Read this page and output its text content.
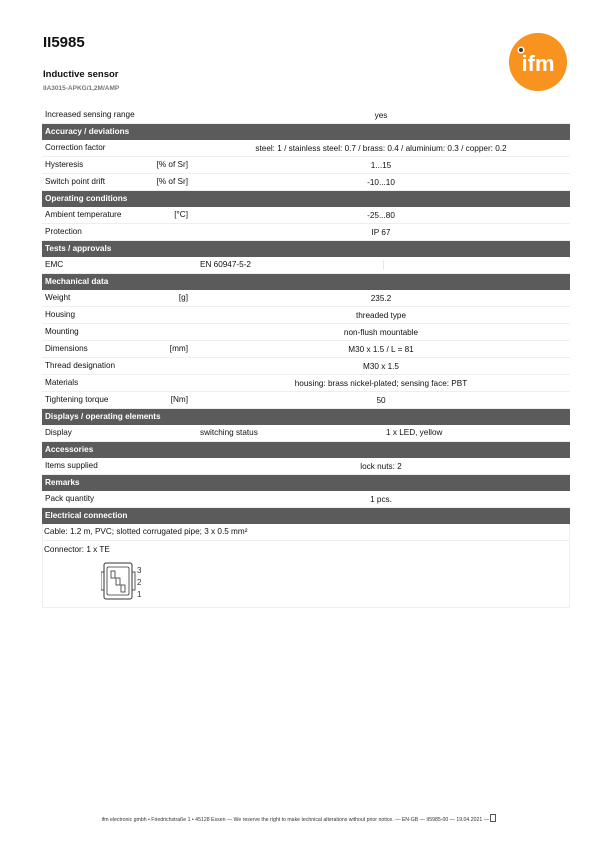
II5985
Inductive sensor
IIA3015-APKG/1,2M/AMP
ifm
Increased sensing range	yes
Accuracy / deviations
Correction factor	steel: 1 / stainless steel: 0.7 / brass: 0.4 / aluminium: 0.3 / copper: 0.2
Hysteresis	[% of Sr]	1...15
Switch point drift	[% of Sr]	-10...10
Operating conditions
Ambient temperature	[°C]	-25...80
Protection	IP 67
Tests / approvals
EMC	EN 60947-5-2
Mechanical data
Weight	[g]	235.2
Housing	threaded type
Mounting	non-flush mountable
Dimensions	[mm]	M30 x 1.5 / L = 81
Thread designation	M30 x 1.5
Materials	housing: brass nickel-plated; sensing face: PBT
Tightening torque	[Nm]	50
Displays / operating elements
Display	switching status	1 x LED, yellow
Accessories
Items supplied	lock nuts: 2
Remarks
Pack quantity	1 pcs.
Electrical connection
Cable: 1.2 m, PVC; slotted corrugated pipe; 3 x 0.5 mm²
Connector: 1 x TE
3
2
1
ifm electronic gmbh • Friedrichstraße 1 • 45128 Essen — We reserve the right to make technical alterations without prior notice. — EN-GB — II5985-00 — 19.04.2021 —
